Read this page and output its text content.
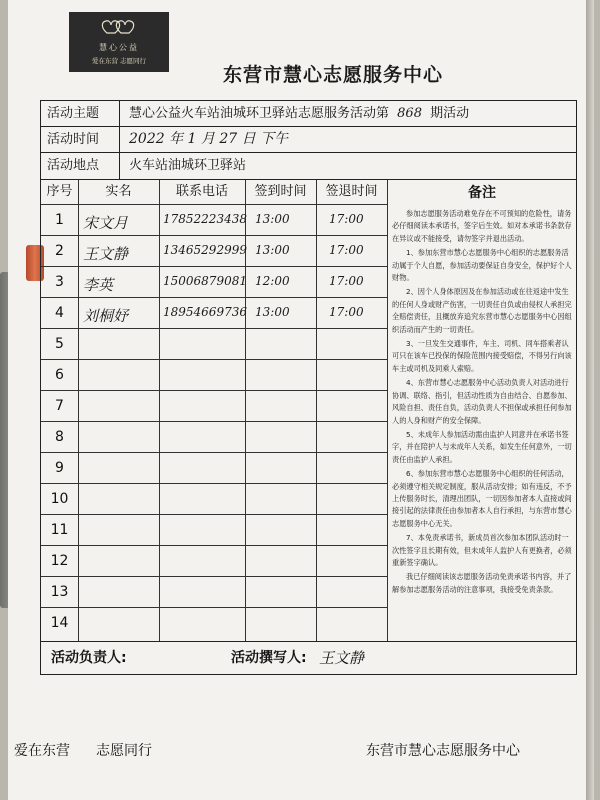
慧心公益
爱在东营 志愿同行
东营市慧心志愿服务中心
活动主题	慧心公益火车站油城环卫驿站志愿服务活动第 868 期活动
活动时间	2022 年 1 月 27 日 下午
活动地点	火车站油城环卫驿站
序号	实名	联系电话	签到时间	签退时间	备注

参加志愿服务活动难免存在不可预知的危险性，请务必仔细阅读本承诺书，签字后生效。如对本承诺书条款存在异议或不能接受，请勿签字并退出活动。

1、参加东营市慧心志愿服务中心组织的志愿服务活动属于个人自愿，参加活动要保证自身安全，保护好个人财物。

2、因个人身体原因及在参加活动或在往返途中发生的任何人身或财产伤害，一切责任自负或由侵权人承担完全赔偿责任，且概放弃追究东营市慧心志愿服务中心因组织活动而产生的一切责任。

3、一旦发生交通事件，车主、司机、同车搭乘者认可只在该车已投保的保险范围内接受赔偿，不得另行向该车主或司机及同乘人索赔。

4、东营市慧心志愿服务中心活动负责人对活动进行协调、联络、指引，但活动性质为自由结合、自愿参加、风险自担、责任自负，活动负责人不担保或承担任何参加人的人身和财产的安全保障。

5、未成年人参加活动需由监护人同意并在承诺书签字，并在陪护人与未成年人关系，如发生任何意外，一切责任由监护人承担。

6、参加东营市慧心志愿服务中心组织的任何活动，必须遵守相关规定制度，服从活动安排；如有违反，不予上传服务时长，清理出团队，一切因参加者本人直接或间接引起的法律责任由参加者本人自行承担，与东营市慧心志愿服务中心无关。

7、本免责承诺书，新成员首次参加本团队活动时一次性签字且长期有效，但未成年人监护人有更换者，必须重新签字确认。

我已仔细阅读该志愿服务活动免责承诺书内容，并了解参加志愿服务活动的注意事项，我接受免责条款。

1	宋文月	17852223438 13:00	17:00
2	王文静	13465292999 13:00	17:00
3	李英	15006879081 12:00	17:00
4	刘桐妤	18954669736 13:00	17:00
5
6
7
8
9
10
11
12
13
14
活动负责人:	活动撰写人: 王文静
爱在东营 志愿同行	东营市慧心志愿服务中心
